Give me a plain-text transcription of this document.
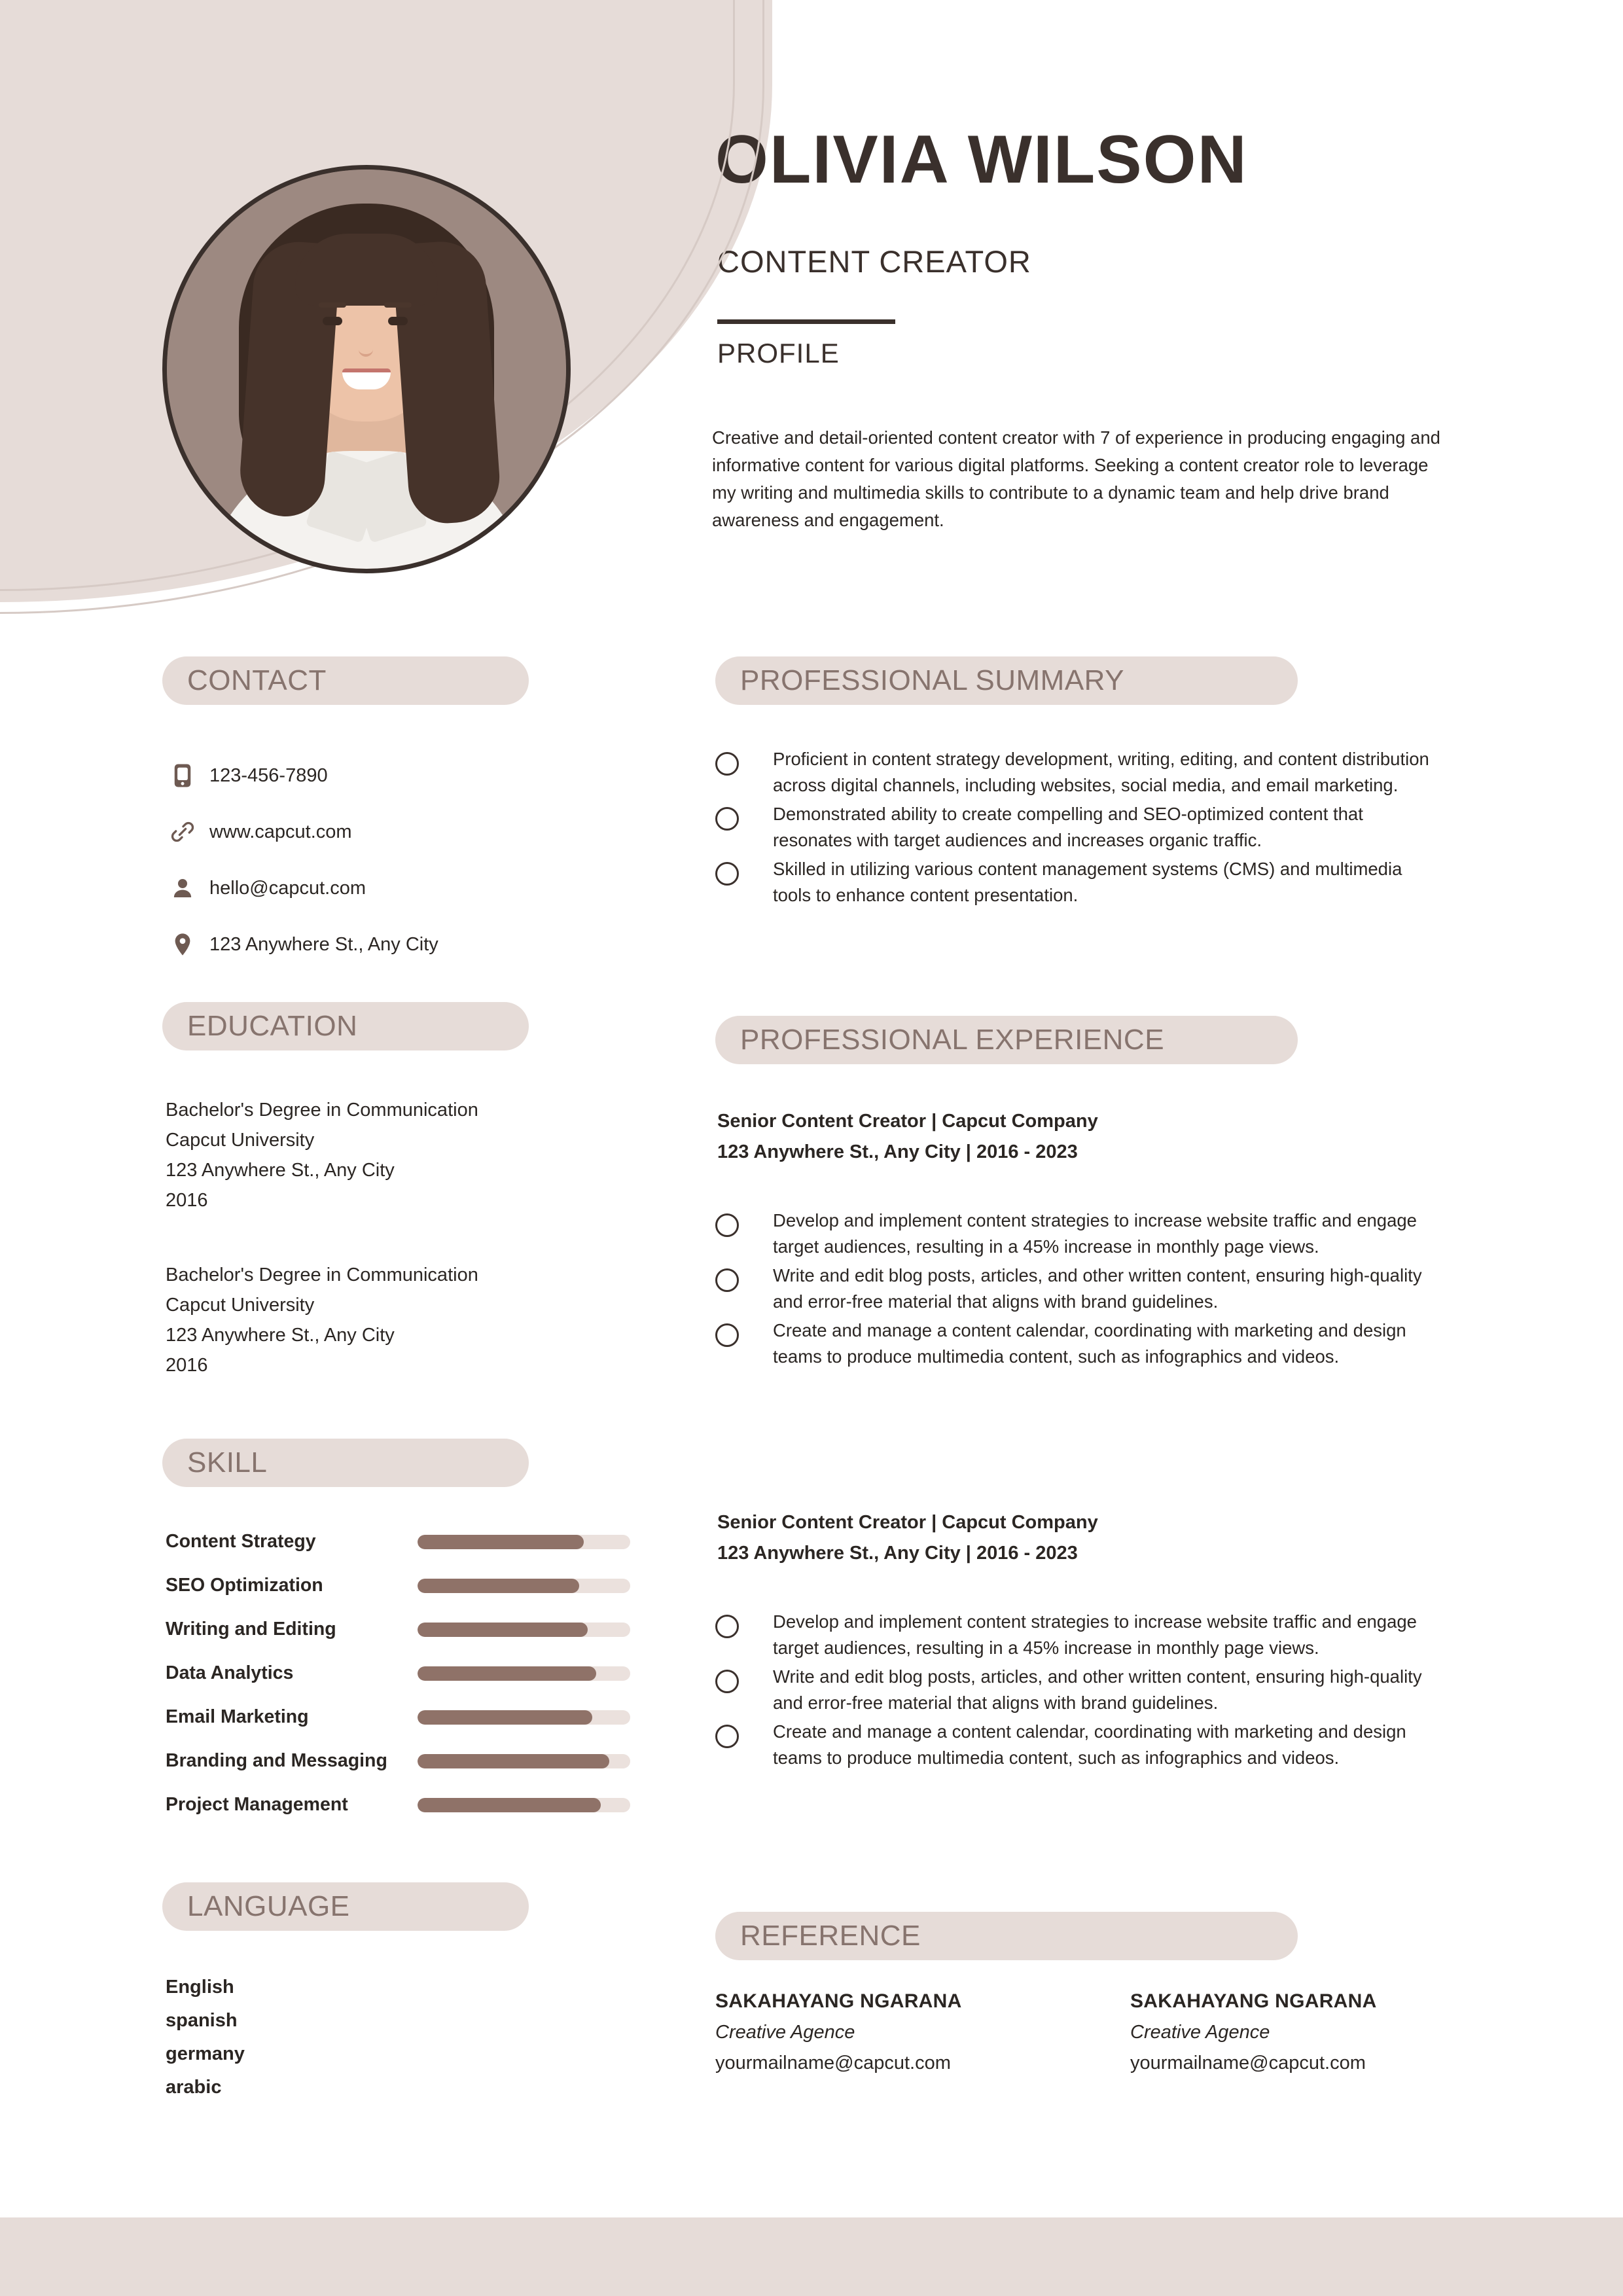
OLIVIA WILSON
CONTENT CREATOR
PROFILE
Creative and detail-oriented content creator with 7 of experience in producing engaging and informative content for various digital platforms. Seeking a content creator role to leverage my writing and multimedia skills to contribute to a dynamic team and help drive brand awareness and engagement.
CONTACT
EDUCATION
SKILL
LANGUAGE
PROFESSIONAL SUMMARY
PROFESSIONAL EXPERIENCE
REFERENCE
123-456-7890
www.capcut.com
hello@capcut.com
123 Anywhere St., Any City
Bachelor's Degree in Communication
Capcut University
123 Anywhere St., Any City
2016
Bachelor's Degree in Communication
Capcut University
123 Anywhere St., Any City
2016
Content Strategy
SEO Optimization
Writing and Editing
Data Analytics
Email Marketing
Branding and Messaging
Project Management
English
spanish
germany
arabic
Proficient in content strategy development, writing, editing, and content distribution across digital channels, including websites, social media, and email marketing.
Demonstrated ability to create compelling and SEO-optimized content that resonates with target audiences and increases organic traffic.
Skilled in utilizing various content management systems (CMS) and multimedia tools to enhance content presentation.
Senior Content Creator | Capcut Company
123 Anywhere St., Any City | 2016 - 2023
Develop and implement content strategies to increase website traffic and engage target audiences, resulting in a 45% increase in monthly page views.
Write and edit blog posts, articles, and other written content, ensuring high-quality and error-free material that aligns with brand guidelines.
Create and manage a content calendar, coordinating with marketing and design teams to produce multimedia content, such as infographics and videos.
Senior Content Creator | Capcut Company
123 Anywhere St., Any City | 2016 - 2023
Develop and implement content strategies to increase website traffic and engage target audiences, resulting in a 45% increase in monthly page views.
Write and edit blog posts, articles, and other written content, ensuring high-quality and error-free material that aligns with brand guidelines.
Create and manage a content calendar, coordinating with marketing and design teams to produce multimedia content, such as infographics and videos.
SAKAHAYANG NGARANA
Creative Agence
yourmailname@capcut.com
SAKAHAYANG NGARANA
Creative Agence
yourmailname@capcut.com
